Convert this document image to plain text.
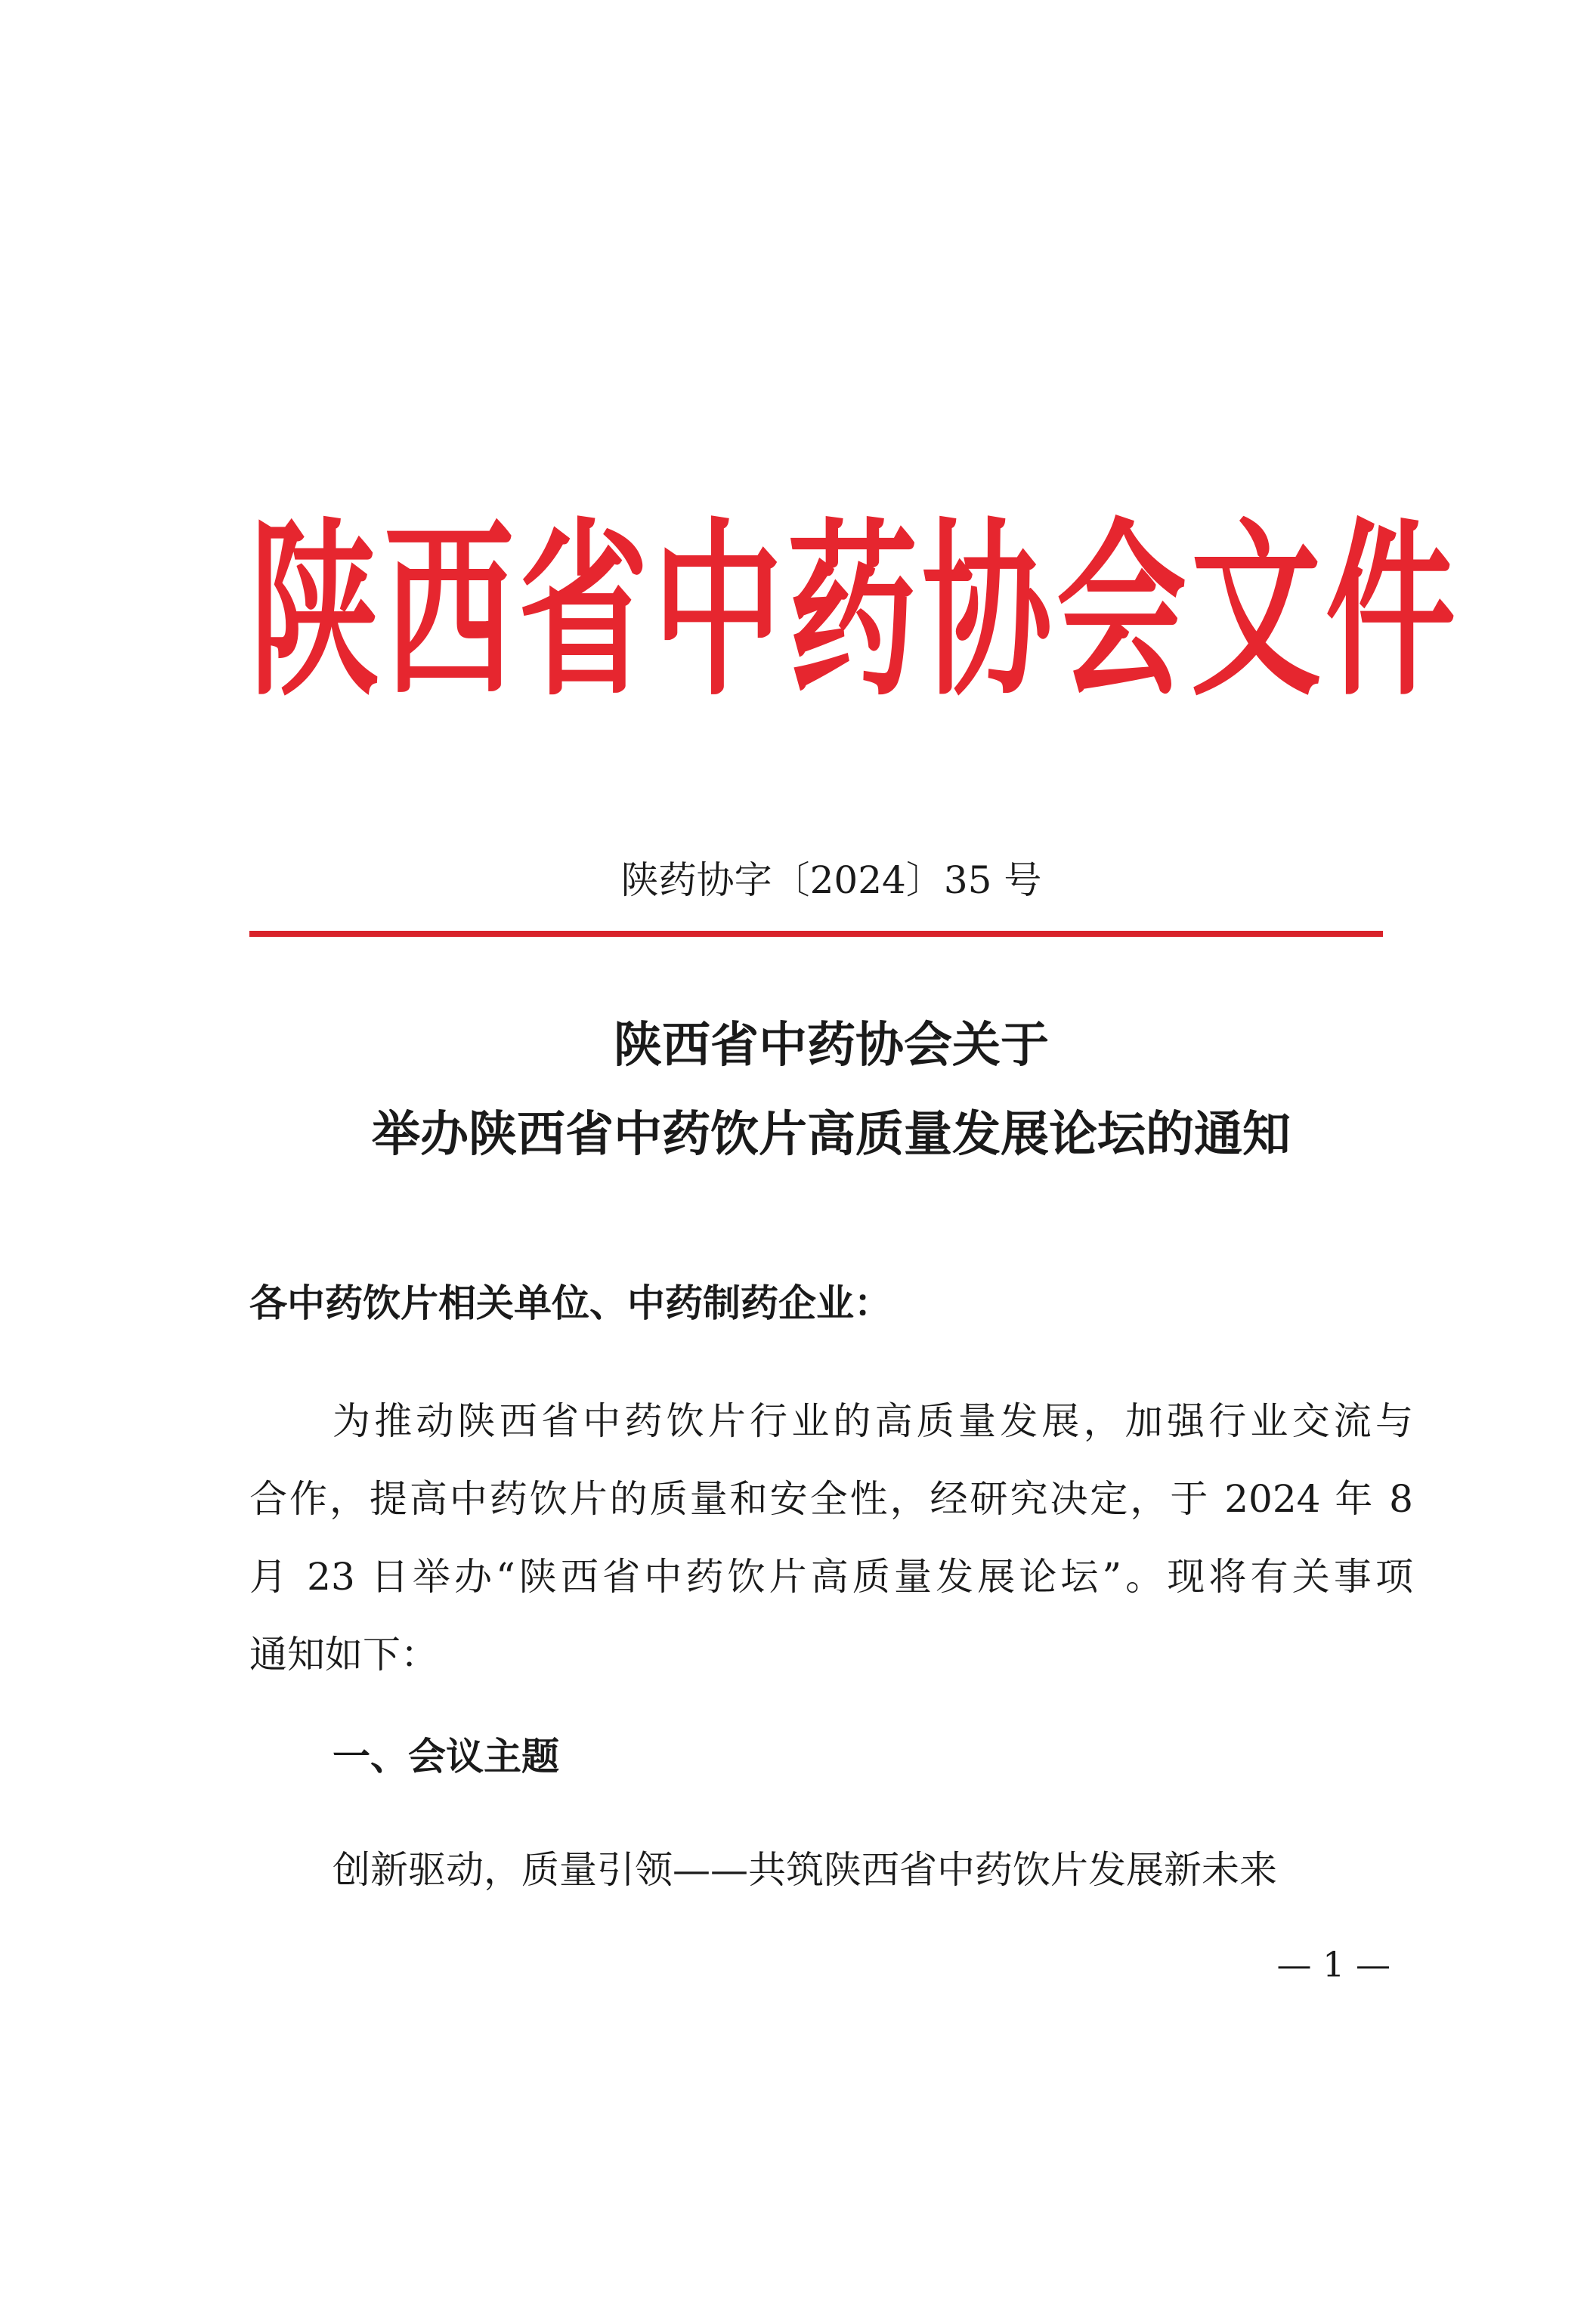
陕西省中药协会文件
陕药协字〔2024〕35 号
陕西省中药协会关于
举办陕西省中药饮片高质量发展论坛的通知
各中药饮片相关单位、中药制药企业：
为推动陕西省中药饮片行业的高质量发展，加强行业交流与
合作，提高中药饮片的质量和安全性，经研究决定，于 2024 年 8
月 23 日举办“陕西省中药饮片高质量发展论坛”。现将有关事项
通知如下：
一、会议主题
创新驱动，质量引领——共筑陕西省中药饮片发展新未来
— 1 —
